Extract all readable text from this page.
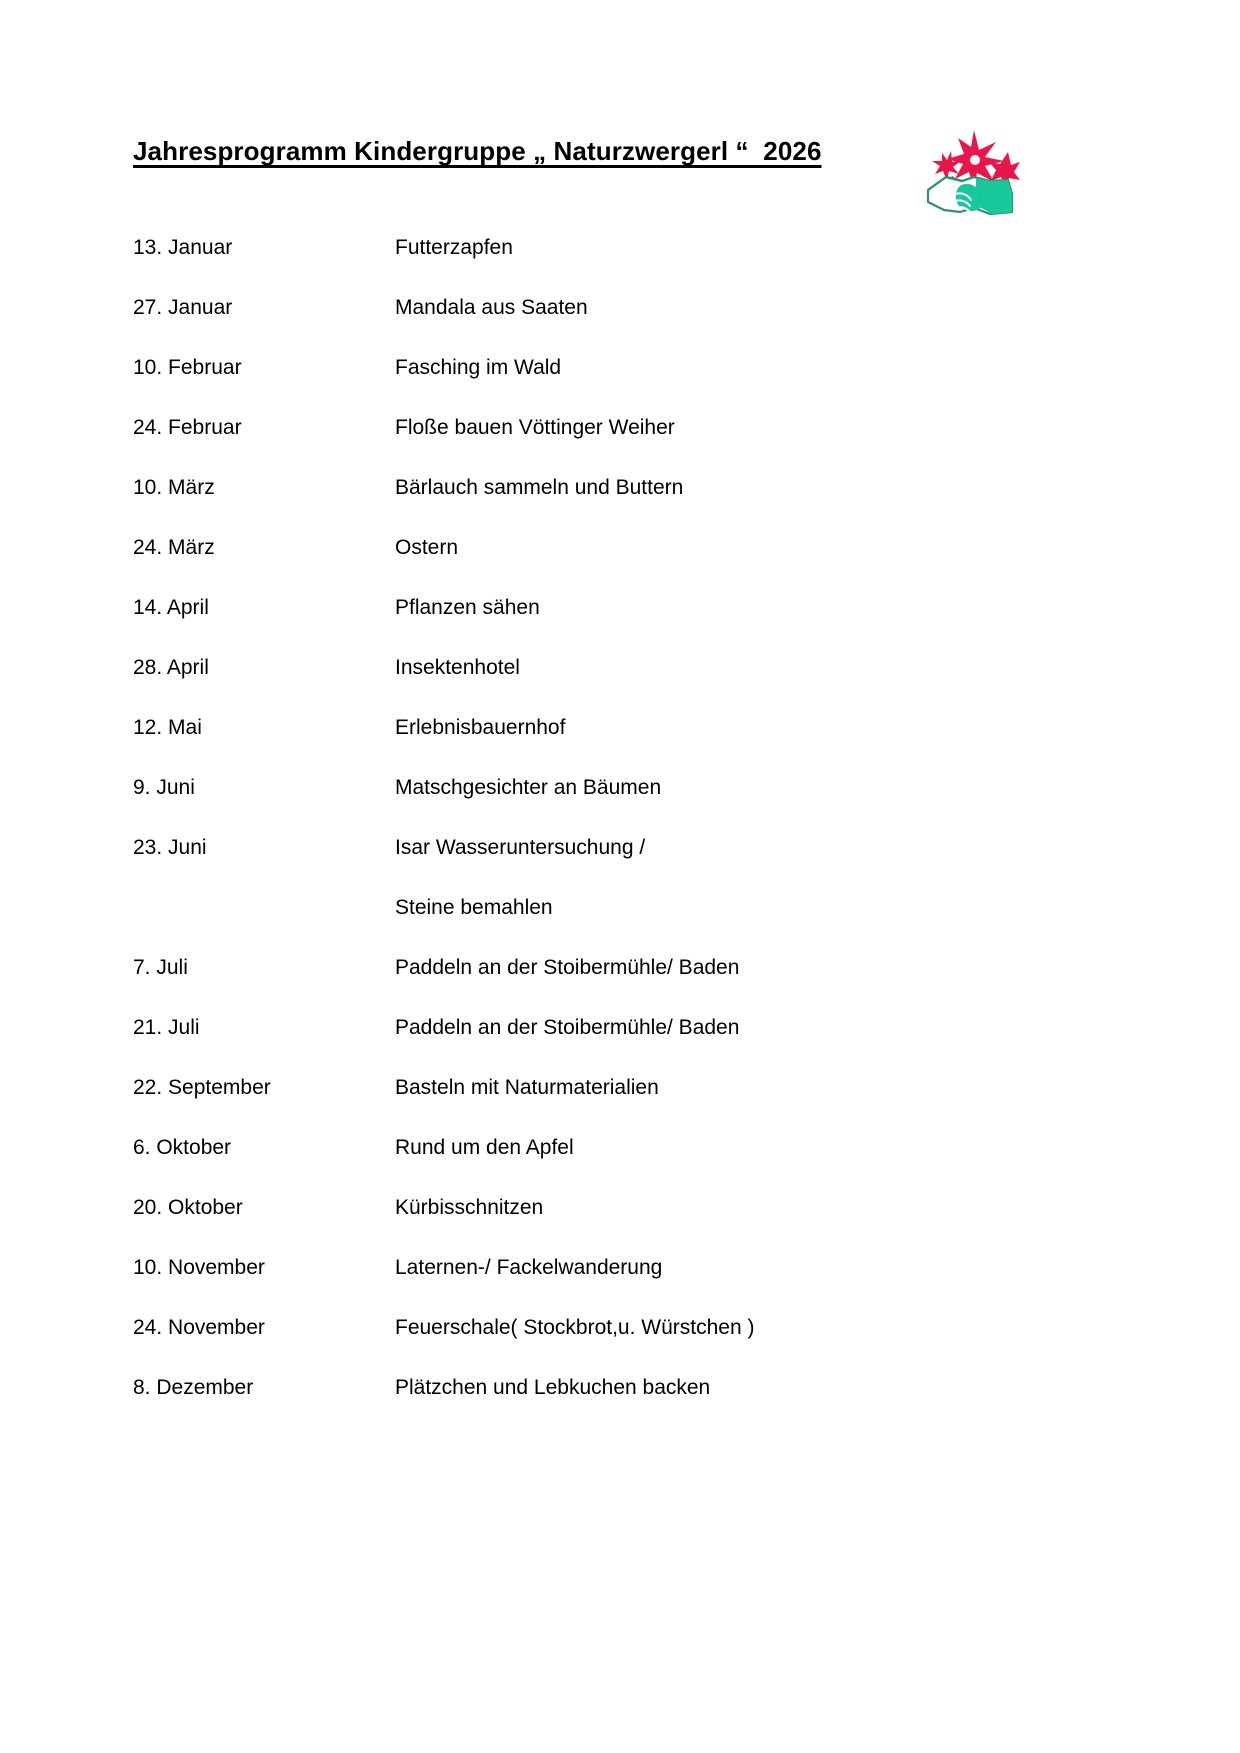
Jahresprogramm Kindergruppe „ Naturzwergerl “  2026
13. Januar	Futterzapfen
27. Januar	Mandala aus Saaten
10. Februar	Fasching im Wald
24. Februar	Floße bauen Vöttinger Weiher
10. März	Bärlauch sammeln und Buttern
24. März	Ostern
14. April	Pflanzen sähen
28. April	Insektenhotel
12. Mai	Erlebnisbauernhof
9. Juni	Matschgesichter an Bäumen
23. Juni	Isar Wasseruntersuchung /
Steine bemahlen
7. Juli	Paddeln an der Stoibermühle/ Baden
21. Juli	Paddeln an der Stoibermühle/ Baden
22. September	Basteln mit Naturmaterialien
6. Oktober	Rund um den Apfel
20. Oktober	Kürbisschnitzen
10. November	Laternen-/ Fackelwanderung
24. November	Feuerschale( Stockbrot,u. Würstchen )
8. Dezember	Plätzchen und Lebkuchen backen
